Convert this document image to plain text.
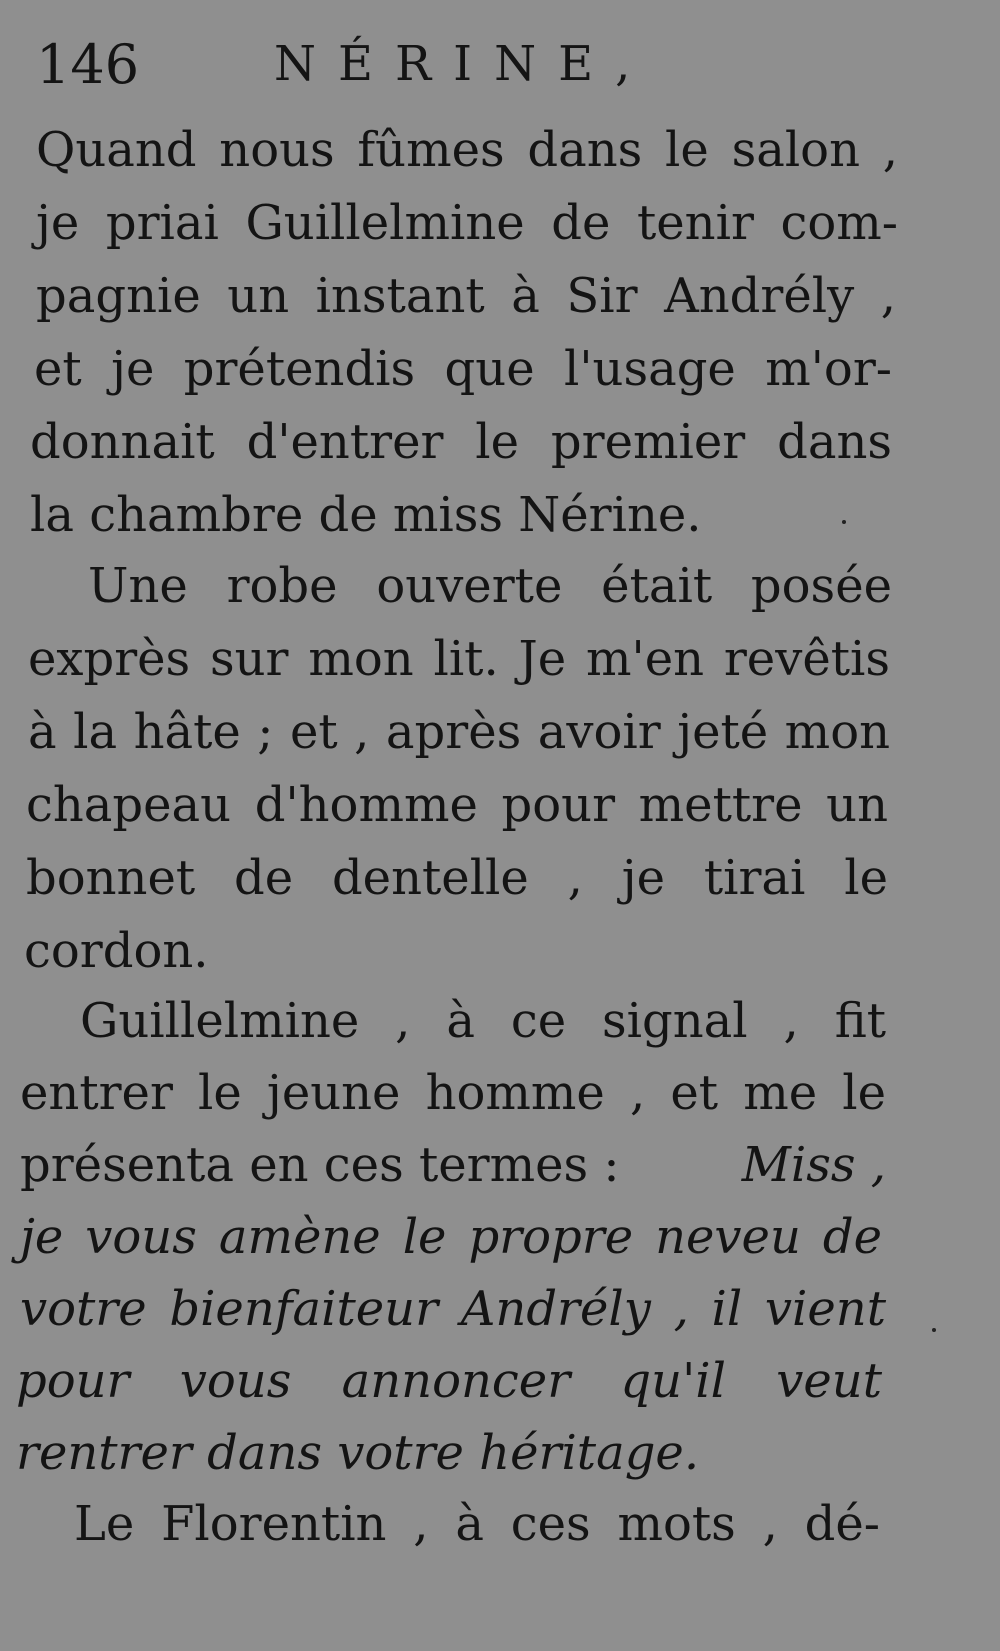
146	NÉRINE,
Quand nous fûmes dans le salon ,
je priai Guillelmine de tenir com-
pagnie un instant à Sir Andrély ,
et je prétendis que l'usage m'or-
donnait d'entrer le premier dans
la chambre de miss Nérine.
Une robe ouverte était posée
exprès sur mon lit. Je m'en revêtis
à la hâte ; et , après avoir jeté mon
chapeau d'homme pour mettre un
bonnet de dentelle , je tirai le
cordon.
Guillelmine , à ce signal , fit
entrer le jeune homme , et me le
présenta en ces termes :	Miss ,
je vous amène le propre neveu de
votre bienfaiteur Andrély , il vient
pour vous annoncer qu'il veut
rentrer dans votre héritage.
Le Florentin , à ces mots , dé-
